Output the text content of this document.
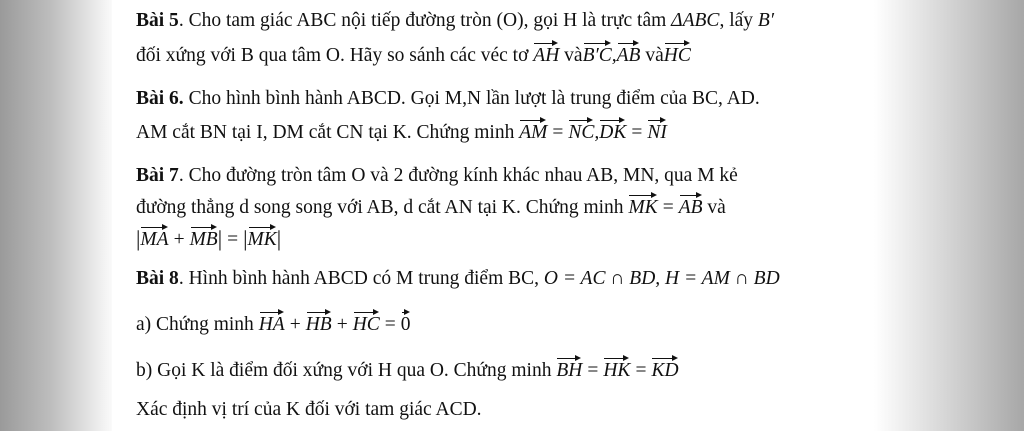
Bài 5. Cho tam giác ABC nội tiếp đường tròn (O), gọi H là trực tâm ΔABC, lấy B′
đối xứng với B qua tâm O. Hãy so sánh các véc tơ AH vàB′C,AB vàHC
Bài 6. Cho hình bình hành ABCD. Gọi M,N lần lượt là trung điểm của BC, AD.
AM cắt BN tại I, DM cắt CN tại K. Chứng minh AM = NC,DK = NI
Bài 7. Cho đường tròn tâm O và 2 đường kính khác nhau AB, MN, qua M kẻ
đường thẳng d song song với AB, d cắt AN tại K. Chứng minh MK = AB và
|MA + MB| = |MK|
Bài 8. Hình bình hành ABCD có M trung điểm BC, O = AC ∩ BD, H = AM ∩ BD
a) Chứng minh HA + HB + HC = 0
b) Gọi K là điểm đối xứng với H qua O. Chứng minh BH = HK = KD
Xác định vị trí của K đối với tam giác ACD.
